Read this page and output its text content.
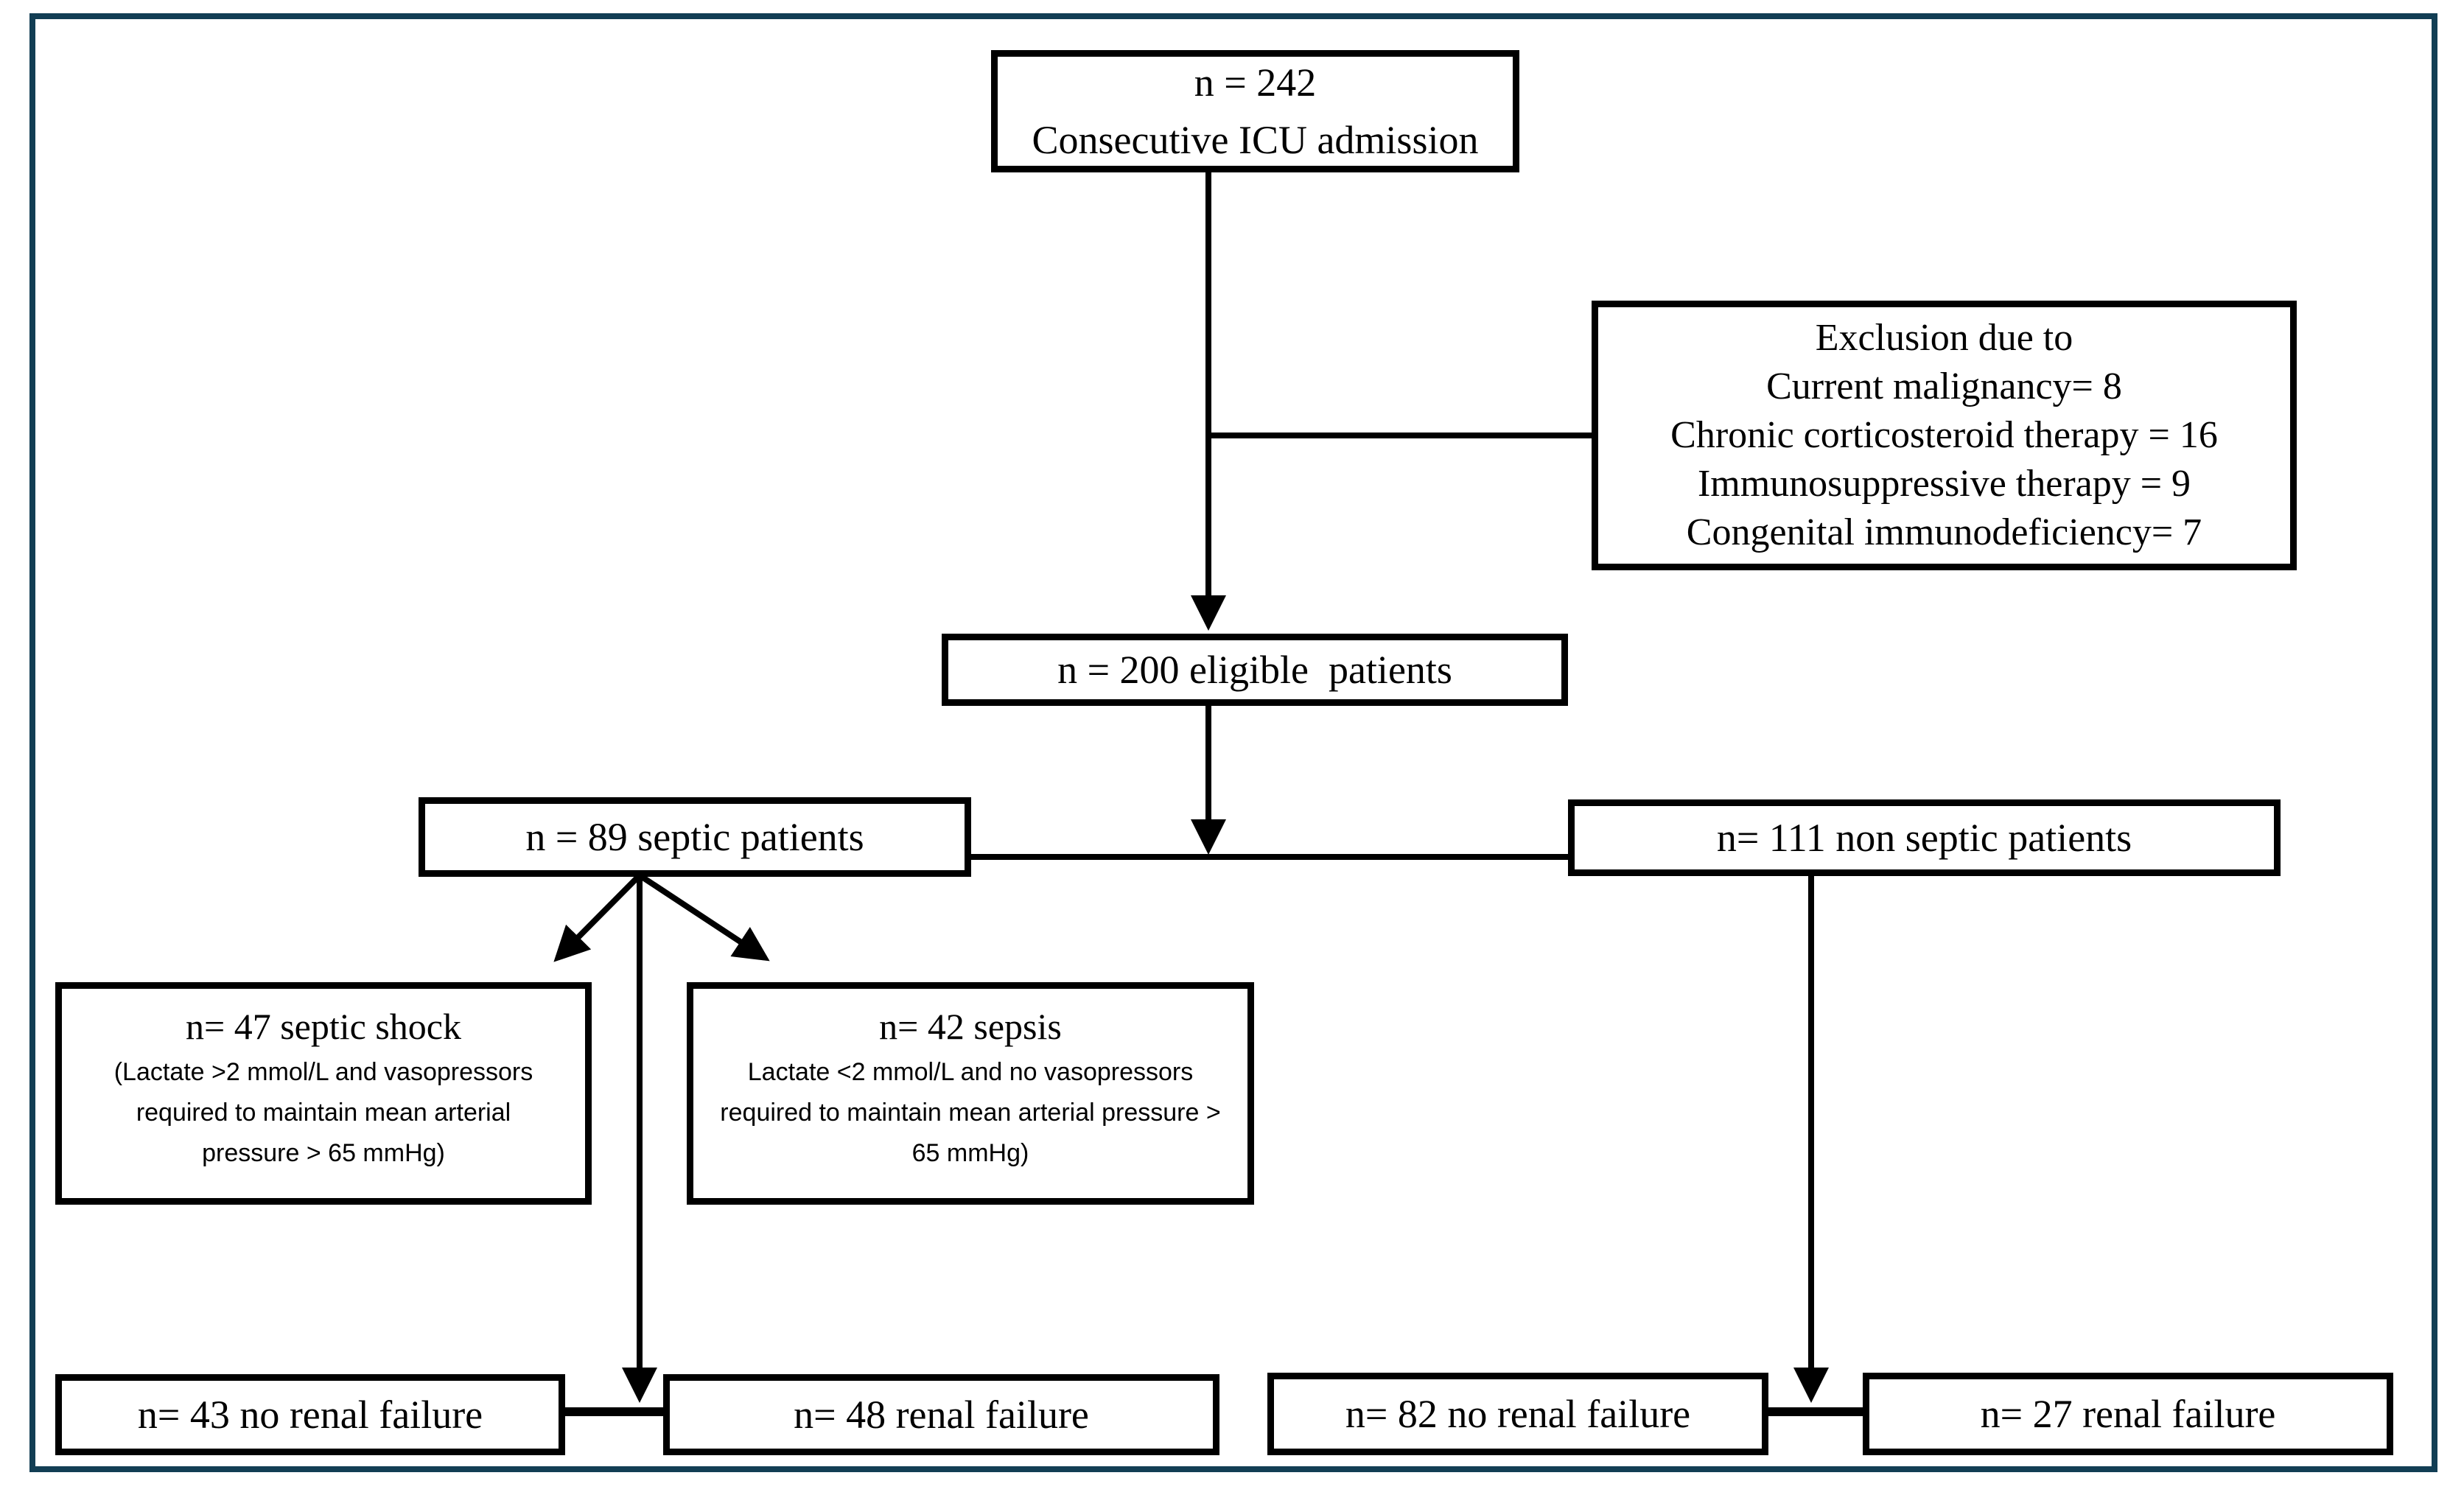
n = 242
Consecutive ICU admission
Exclusion due to
Current malignancy= 8
Chronic corticosteroid therapy = 16
Immunosuppressive therapy = 9
Congenital immunodeficiency= 7
n = 200 eligible  patients
n = 89 septic patients	n= 111 non septic patients
n= 47 septic shock
(Lactate >2 mmol/L and vasopressors
required to maintain mean arterial
pressure > 65 mmHg)
n= 42 sepsis
Lactate <2 mmol/L and no vasopressors
required to maintain mean arterial pressure >
65 mmHg)
n= 43 no renal failure	n= 48 renal failure	n= 82 no renal failure	n= 27 renal failure
